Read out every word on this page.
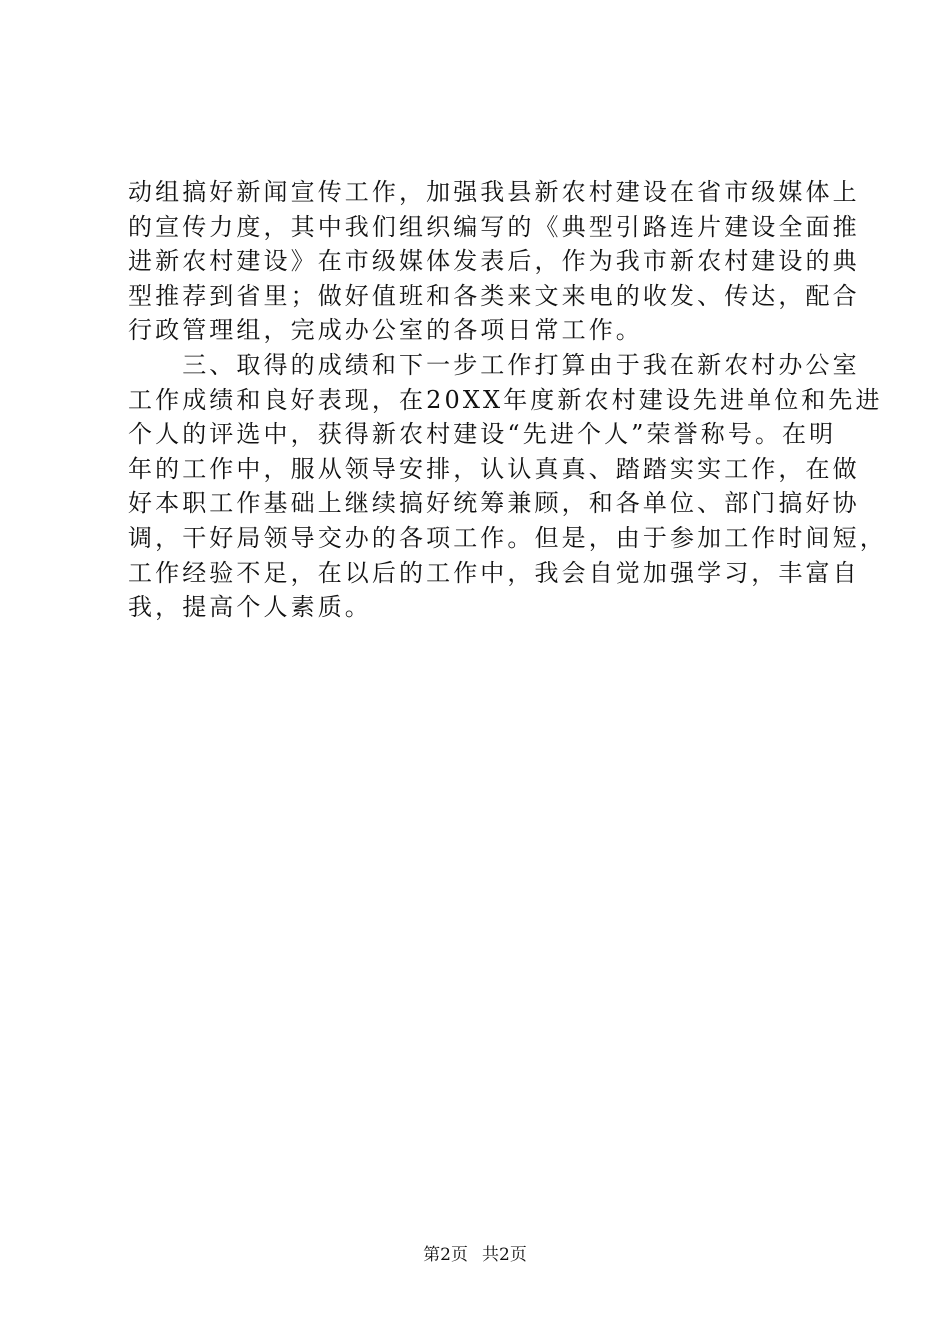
动组搞好新闻宣传工作，加强我县新农村建设在省市级媒体上
的宣传力度，其中我们组织编写的《典型引路连片建设全面推
进新农村建设》在市级媒体发表后，作为我市新农村建设的典
型推荐到省里；做好值班和各类来文来电的收发、传达，配合
行政管理组，完成办公室的各项日常工作。
　　三、取得的成绩和下一步工作打算由于我在新农村办公室
工作成绩和良好表现，在20XX年度新农村建设先进单位和先进
个人的评选中，获得新农村建设“先进个人”荣誉称号。在明
年的工作中，服从领导安排，认认真真、踏踏实实工作，在做
好本职工作基础上继续搞好统筹兼顾，和各单位、部门搞好协
调，干好局领导交办的各项工作。但是，由于参加工作时间短，
工作经验不足，在以后的工作中，我会自觉加强学习，丰富自
我，提高个人素质。
第2页 共2页
